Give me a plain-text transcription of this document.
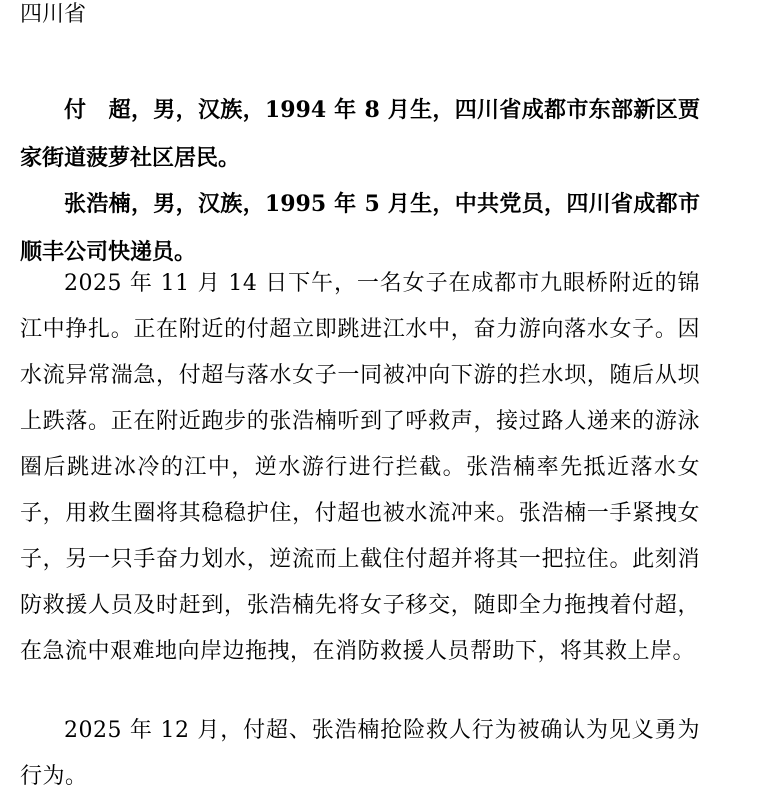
四川省

付　超，男，汉族，1994 年 8 月生，四川省成都市东部新区贾家街道菠萝社区居民。

张浩楠，男，汉族，1995 年 5 月生，中共党员，四川省成都市顺丰公司快递员。

2025 年 11 月 14 日下午，一名女子在成都市九眼桥附近的锦江中挣扎。正在附近的付超立即跳进江水中，奋力游向落水女子。因水流异常湍急，付超与落水女子一同被冲向下游的拦水坝，随后从坝上跌落。正在附近跑步的张浩楠听到了呼救声，接过路人递来的游泳圈后跳进冰冷的江中，逆水游行进行拦截。张浩楠率先抵近落水女子，用救生圈将其稳稳护住，付超也被水流冲来。张浩楠一手紧拽女子，另一只手奋力划水，逆流而上截住付超并将其一把拉住。此刻消防救援人员及时赶到，张浩楠先将女子移交，随即全力拖拽着付超，在急流中艰难地向岸边拖拽，在消防救援人员帮助下，将其救上岸。

2025 年 12 月，付超、张浩楠抢险救人行为被确认为见义勇为行为。
